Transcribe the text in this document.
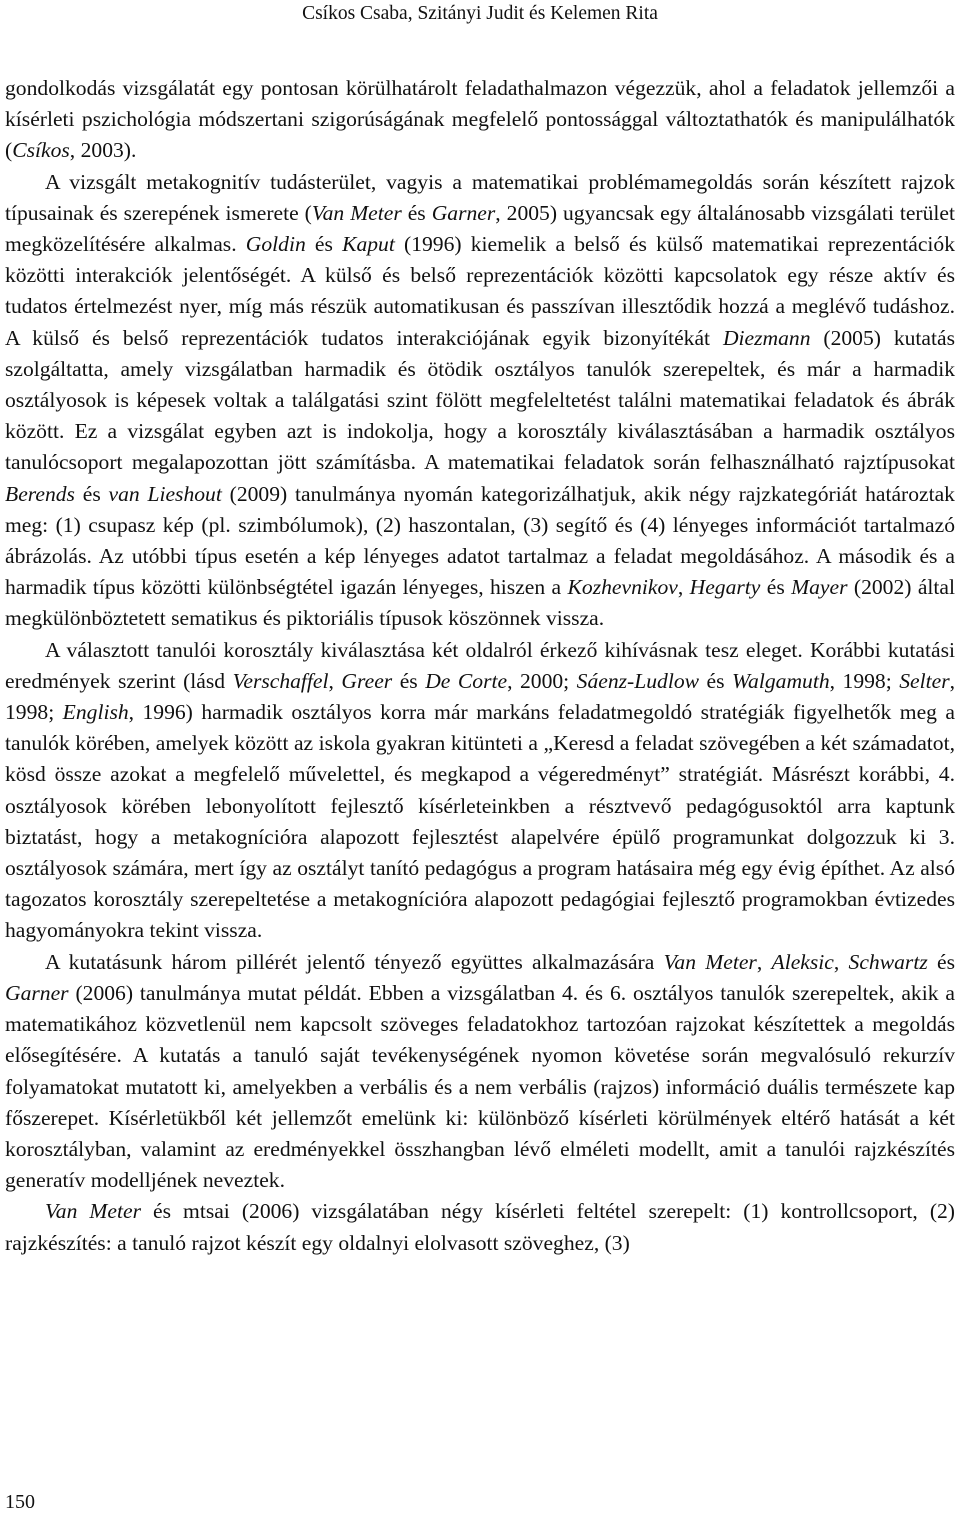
Csíkos Csaba, Szitányi Judit és Kelemen Rita

gondolkodás vizsgálatát egy pontosan körülhatárolt feladathalmazon végezzük, ahol a feladatok jellemzői a kísérleti pszichológia módszertani szigorúságának megfelelő pontossággal változtathatók és manipulálhatók (Csíkos, 2003).

A vizsgált metakognitív tudásterület, vagyis a matematikai problémamegoldás során készített rajzok típusainak és szerepének ismerete (Van Meter és Garner, 2005) ugyancsak egy általánosabb vizsgálati terület megközelítésére alkalmas. Goldin és Kaput (1996) kiemelik a belső és külső matematikai reprezentációk közötti interakciók jelentőségét. A külső és belső reprezentációk közötti kapcsolatok egy része aktív és tudatos értelmezést nyer, míg más részük automatikusan és passzívan illesztődik hozzá a meglévő tudáshoz. A külső és belső reprezentációk tudatos interakciójának egyik bizonyítékát Diezmann (2005) kutatás szolgáltatta, amely vizsgálatban harmadik és ötödik osztályos tanulók szerepeltek, és már a harmadik osztályosok is képesek voltak a találgatási szint fölött megfeleltetést találni matematikai feladatok és ábrák között. Ez a vizsgálat egyben azt is indokolja, hogy a korosztály kiválasztásában a harmadik osztályos tanulócsoport megalapozottan jött számításba. A matematikai feladatok során felhasználható rajztípusokat Berends és van Lieshout (2009) tanulmánya nyomán kategorizálhatjuk, akik négy rajzkategóriát határoztak meg: (1) csupasz kép (pl. szimbólumok), (2) haszontalan, (3) segítő és (4) lényeges információt tartalmazó ábrázolás. Az utóbbi típus esetén a kép lényeges adatot tartalmaz a feladat megoldásához. A második és a harmadik típus közötti különbségtétel igazán lényeges, hiszen a Kozhevnikov, Hegarty és Mayer (2002) által megkülönböztetett sematikus és piktoriális típusok köszönnek vissza.

A választott tanulói korosztály kiválasztása két oldalról érkező kihívásnak tesz eleget. Korábbi kutatási eredmények szerint (lásd Verschaffel, Greer és De Corte, 2000; Sáenz-Ludlow és Walgamuth, 1998; Selter, 1998; English, 1996) harmadik osztályos korra már markáns feladatmegoldó stratégiák figyelhetők meg a tanulók körében, amelyek között az iskola gyakran kitünteti a „Keresd a feladat szövegében a két számadatot, kösd össze azokat a megfelelő művelettel, és megkapod a végeredményt” stratégiát. Másrészt korábbi, 4. osztályosok körében lebonyolított fejlesztő kísérleteinkben a résztvevő pedagógusoktól arra kaptunk biztatást, hogy a metakognícióra alapozott fejlesztést alapelvére épülő programunkat dolgozzuk ki 3. osztályosok számára, mert így az osztályt tanító pedagógus a program hatásaira még egy évig építhet. Az alsó tagozatos korosztály szerepeltetése a metakognícióra alapozott pedagógiai fejlesztő programokban évtizedes hagyományokra tekint vissza.

A kutatásunk három pillérét jelentő tényező együttes alkalmazására Van Meter, Aleksic, Schwartz és Garner (2006) tanulmánya mutat példát. Ebben a vizsgálatban 4. és 6. osztályos tanulók szerepeltek, akik a matematikához közvetlenül nem kapcsolt szöveges feladatokhoz tartozóan rajzokat készítettek a megoldás elősegítésére. A kutatás a tanuló saját tevékenységének nyomon követése során megvalósuló rekurzív folyamatokat mutatott ki, amelyekben a verbális és a nem verbális (rajzos) információ duális természete kap főszerepet. Kísérletükből két jellemzőt emelünk ki: különböző kísérleti körülmények eltérő hatását a két korosztályban, valamint az eredményekkel összhangban lévő elméleti modellt, amit a tanulói rajzkészítés generatív modelljének neveztek.

Van Meter és mtsai (2006) vizsgálatában négy kísérleti feltétel szerepelt: (1) kontrollcsoport, (2) rajzkészítés: a tanuló rajzot készít egy oldalnyi elolvasott szöveghez, (3)

150
